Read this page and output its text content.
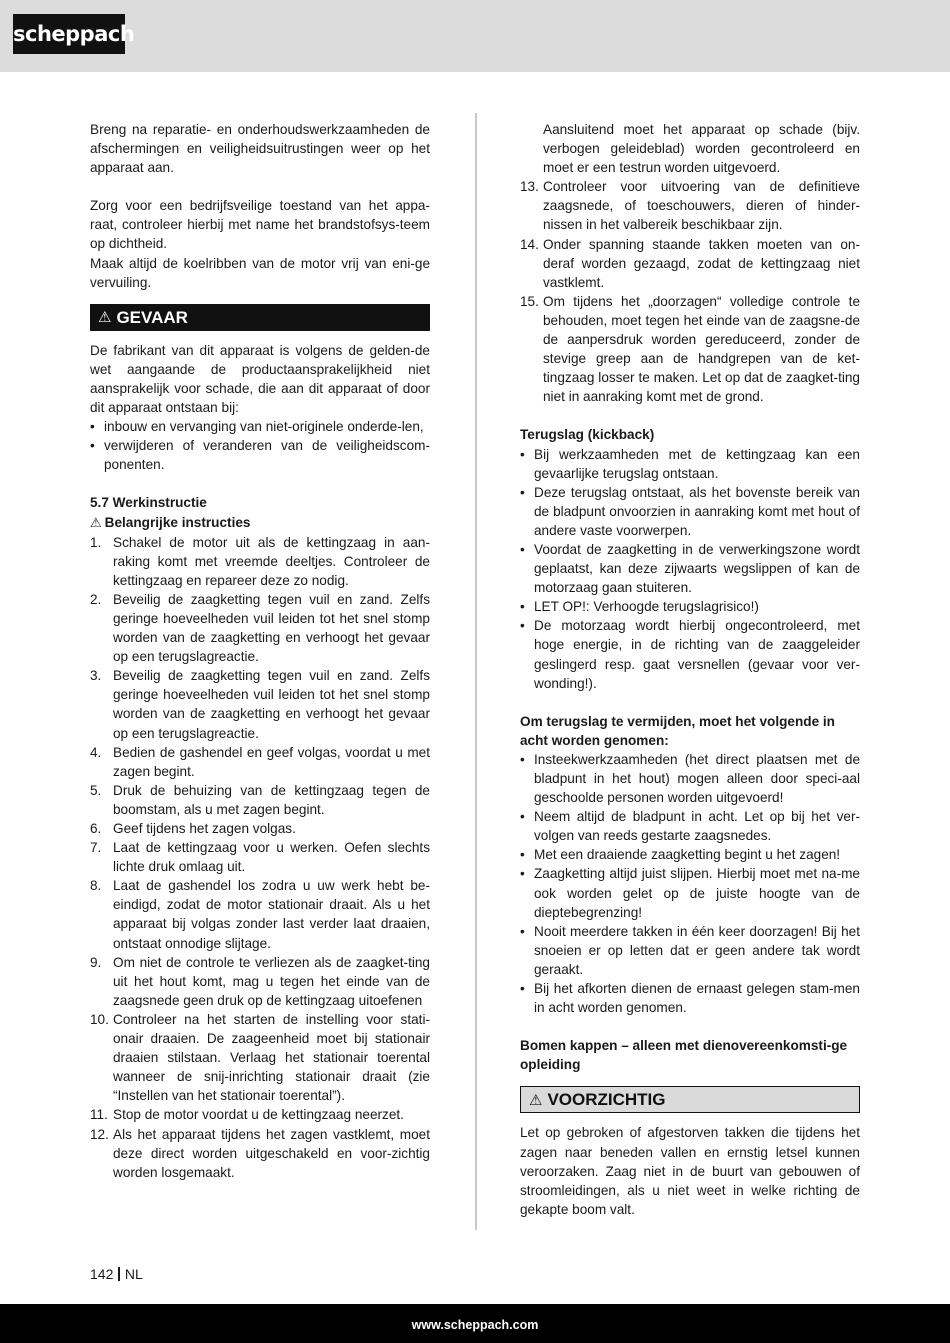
scheppach

Breng na reparatie- en onderhoudswerkzaamheden de afschermingen en veiligheidsuitrustingen weer op het apparaat aan.

Zorg voor een bedrijfsveilige toestand van het appa-raat, controleer hierbij met name het brandstofsys-teem op dichtheid.

Maak altijd de koelribben van de motor vrij van eni-ge vervuiling.

⚠ GEVAAR

De fabrikant van dit apparaat is volgens de gelden-de wet aangaande de productaansprakelijkheid niet aansprakelijk voor schade, die aan dit apparaat of door dit apparaat ontstaan bij:

• inbouw en vervanging van niet-originele onderde-len,
• verwijderen of veranderen van de veiligheidscom-ponenten.
5.7 Werkinstructie
⚠ Belangrijke instructies
1. Schakel de motor uit als de kettingzaag in aan-raking komt met vreemde deeltjes. Controleer de kettingzaag en repareer deze zo nodig.
2. Beveilig de zaagketting tegen vuil en zand. Zelfs geringe hoeveelheden vuil leiden tot het snel stomp worden van de zaagketting en verhoogt het gevaar op een terugslagreactie.
3. Beveilig de zaagketting tegen vuil en zand. Zelfs geringe hoeveelheden vuil leiden tot het snel stomp worden van de zaagketting en verhoogt het gevaar op een terugslagreactie.
4. Bedien de gashendel en geef volgas, voordat u met zagen begint.
5. Druk de behuizing van de kettingzaag tegen de boomstam, als u met zagen begint.
6. Geef tijdens het zagen volgas.
7. Laat de kettingzaag voor u werken. Oefen slechts lichte druk omlaag uit.
8. Laat de gashendel los zodra u uw werk hebt be-eindigd, zodat de motor stationair draait. Als u het apparaat bij volgas zonder last verder laat draaien, ontstaat onnodige slijtage.
9. Om niet de controle te verliezen als de zaagket-ting uit het hout komt, mag u tegen het einde van de zaagsnede geen druk op de kettingzaag uitoefenen
10. Controleer na het starten de instelling voor stati-onair draaien. De zaageenheid moet bij stationair draaien stilstaan. Verlaag het stationair toerental wanneer de snij-inrichting stationair draait (zie “Instellen van het stationair toerental”).
11. Stop de motor voordat u de kettingzaag neerzet.
12. Als het apparaat tijdens het zagen vastklemt, moet deze direct worden uitgeschakeld en voor-zichtig worden losgemaakt.
Aansluitend moet het apparaat op schade (bijv. verbogen geleideblad) worden gecontroleerd en moet er een testrun worden uitgevoerd.
13. Controleer voor uitvoering van de definitieve zaagsnede, of toeschouwers, dieren of hinder-nissen in het valbereik beschikbaar zijn.
14. Onder spanning staande takken moeten van on-deraf worden gezaagd, zodat de kettingzaag niet vastklemt.
15. Om tijdens het „doorzagen“ volledige controle te behouden, moet tegen het einde van de zaagsne-de de aanpersdruk worden gereduceerd, zonder de stevige greep aan de handgrepen van de ket-tingzaag losser te maken. Let op dat de zaagket-ting niet in aanraking komt met de grond.
Terugslag (kickback)
• Bij werkzaamheden met de kettingzaag kan een gevaarlijke terugslag ontstaan.
• Deze terugslag ontstaat, als het bovenste bereik van de bladpunt onvoorzien in aanraking komt met hout of andere vaste voorwerpen.
• Voordat de zaagketting in de verwerkingszone wordt geplaatst, kan deze zijwaarts wegslippen of kan de motorzaag gaan stuiteren.
• LET OP!: Verhoogde terugslagrisico!)
• De motorzaag wordt hierbij ongecontroleerd, met hoge energie, in de richting van de zaaggeleider geslingerd resp. gaat versnellen (gevaar voor ver-wonding!).
Om terugslag te vermijden, moet het volgende in acht worden genomen:
• Insteekwerkzaamheden (het direct plaatsen met de bladpunt in het hout) mogen alleen door speci-aal geschoolde personen worden uitgevoerd!
• Neem altijd de bladpunt in acht. Let op bij het ver-volgen van reeds gestarte zaagsnedes.
• Met een draaiende zaagketting begint u het zagen!
• Zaagketting altijd juist slijpen. Hierbij moet met na-me ook worden gelet op de juiste hoogte van de dieptebegrenzing!
• Nooit meerdere takken in één keer doorzagen! Bij het snoeien er op letten dat er geen andere tak wordt geraakt.
• Bij het afkorten dienen de ernaast gelegen stam-men in acht worden genomen.
Bomen kappen – alleen met dienovereenkomsti-ge opleiding
⚠ VOORZICHTIG

Let op gebroken of afgestorven takken die tijdens het zagen naar beneden vallen en ernstig letsel kunnen veroorzaken. Zaag niet in de buurt van gebouwen of stroomleidingen, als u niet weet in welke richting de gekapte boom valt.

142 NL
www.scheppach.com
